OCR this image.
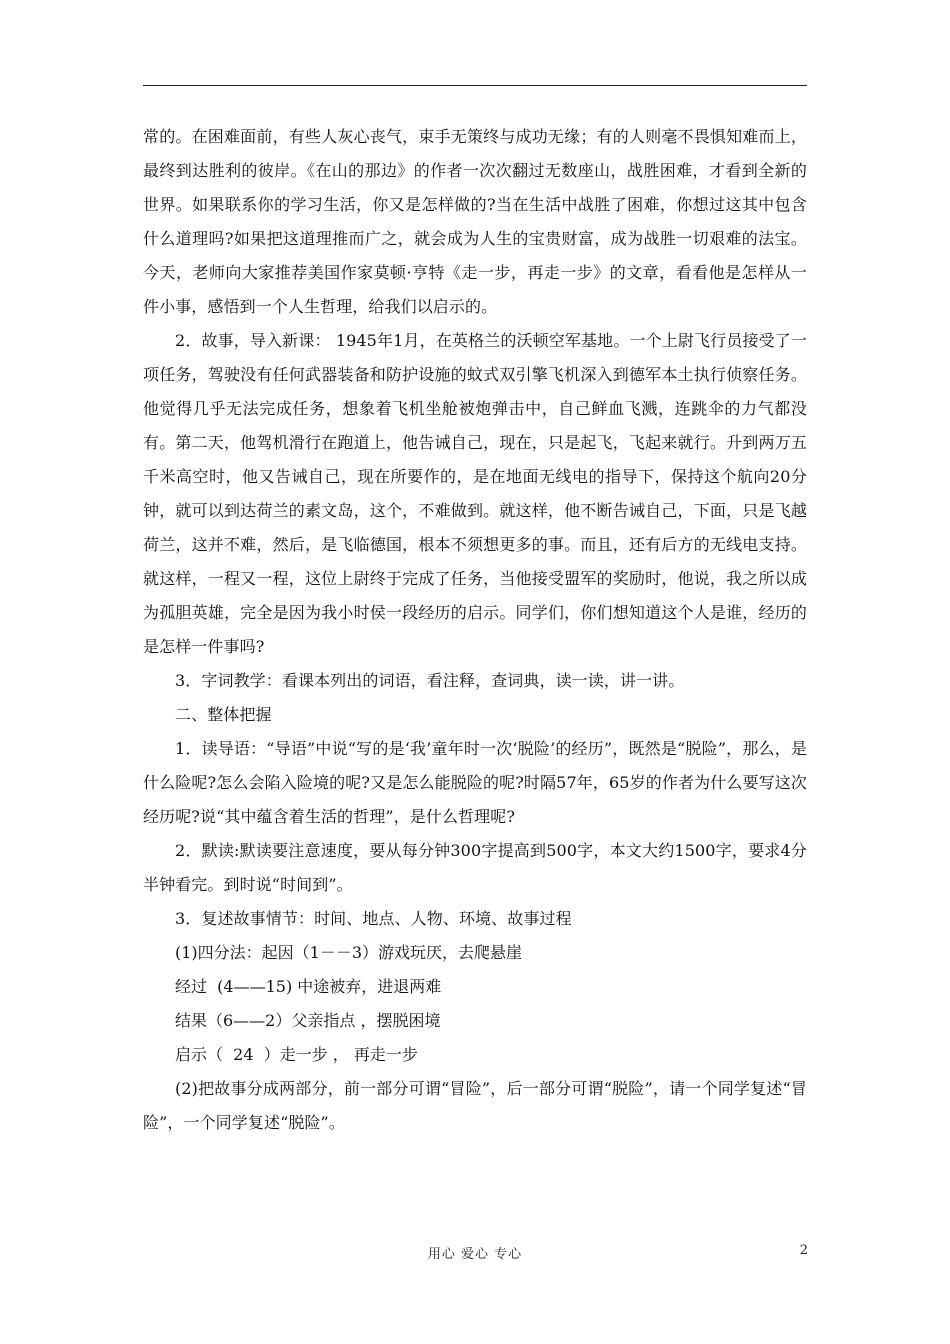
常的。在困难面前，有些人灰心丧气，束手无策终与成功无缘；有的人则毫不畏惧知难而上，最终到达胜利的彼岸。《在山的那边》的作者一次次翻过无数座山，战胜困难，才看到全新的世界。如果联系你的学习生活，你又是怎样做的?当在生活中战胜了困难，你想过这其中包含什么道理吗?如果把这道理推而广之，就会成为人生的宝贵财富，成为战胜一切艰难的法宝。今天，老师向大家推荐美国作家莫顿·亨特《走一步，再走一步》的文章，看看他是怎样从一件小事，感悟到一个人生哲理，给我们以启示的。

2．故事，导入新课： 1945年1月，在英格兰的沃顿空军基地。一个上尉飞行员接受了一项任务，驾驶没有任何武器装备和防护设施的蚊式双引擎飞机深入到德军本土执行侦察任务。他觉得几乎无法完成任务，想象着飞机坐舱被炮弹击中，自己鲜血飞溅，连跳伞的力气都没有。第二天，他驾机滑行在跑道上，他告诫自己，现在，只是起飞，飞起来就行。升到两万五千米高空时，他又告诫自己，现在所要作的，是在地面无线电的指导下，保持这个航向20分钟，就可以到达荷兰的素文岛，这个，不难做到。就这样，他不断告诫自己，下面，只是飞越荷兰，这并不难，然后，是飞临德国，根本不须想更多的事。而且，还有后方的无线电支持。就这样，一程又一程，这位上尉终于完成了任务，当他接受盟军的奖励时，他说，我之所以成为孤胆英雄，完全是因为我小时侯一段经历的启示。同学们，你们想知道这个人是谁，经历的是怎样一件事吗?

3．字词教学：看课本列出的词语，看注释，查词典，读一读，讲一讲。

二、整体把握

1．读导语：“导语”中说“写的是‘我’童年时一次‘脱险’的经历”，既然是“脱险”，那么，是什么险呢?怎么会陷入险境的呢?又是怎么能脱险的呢?时隔57年，65岁的作者为什么要写这次经历呢?说“其中蕴含着生活的哲理”，是什么哲理呢?

2．默读:默读要注意速度，要从每分钟300字提高到500字，本文大约1500字，要求4分半钟看完。到时说“时间到”。

3．复述故事情节：时间、地点、人物、环境、故事过程

(1)四分法：起因（1－－3）游戏玩厌，去爬悬崖

经过  (4——15) 中途被弃，进退两难

结果（6——2）父亲指点 ，摆脱困境

启示（  24  ）走一步 ， 再走一步

(2)把故事分成两部分，前一部分可谓“冒险”，后一部分可谓“脱险”，请一个同学复述“冒险”，一个同学复述“脱险”。

用心 爱心 专心	2
